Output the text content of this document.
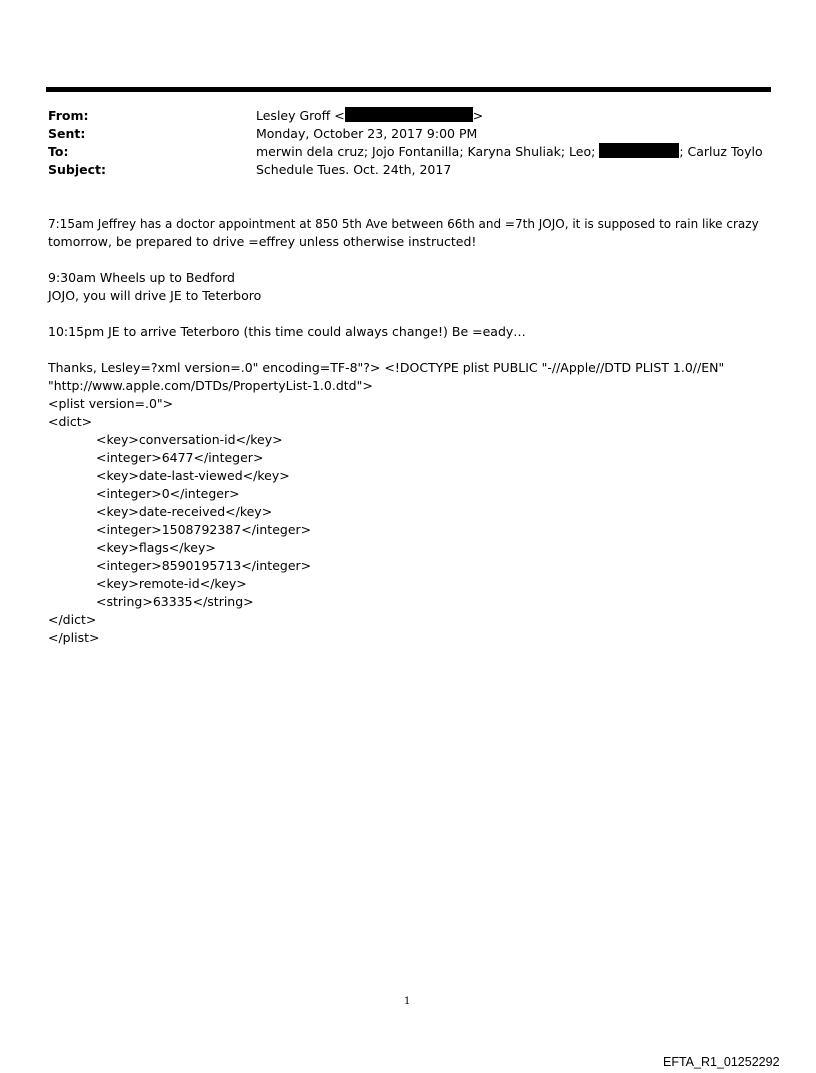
From:	Lesley Groff <	>
Sent:	Monday, October 23, 2017 9:00 PM
To:	merwin dela cruz; Jojo Fontanilla; Karyna Shuliak; Leo;	; Carluz Toylo
Subject:	Schedule Tues. Oct. 24th, 2017
7:15am Jeffrey has a doctor appointment at 850 5th Ave between 66th and =7th JOJO, it is supposed to rain like crazy
tomorrow, be prepared to drive =effrey unless otherwise instructed!
9:30am Wheels up to Bedford
JOJO, you will drive JE to Teterboro
10:15pm JE to arrive Teterboro (this time could always change!) Be =eady…
Thanks, Lesley=?xml version=.0" encoding=TF-8"?> <!DOCTYPE plist PUBLIC "-//Apple//DTD PLIST 1.0//EN"
"http://www.apple.com/DTDs/PropertyList-1.0.dtd">
<plist version=.0">
<dict>
<key>conversation-id</key>
<integer>6477</integer>
<key>date-last-viewed</key>
<integer>0</integer>
<key>date-received</key>
<integer>1508792387</integer>
<key>flags</key>
<integer>8590195713</integer>
<key>remote-id</key>
<string>63335</string>
</dict>
</plist>
1
EFTA_R1_01252292
